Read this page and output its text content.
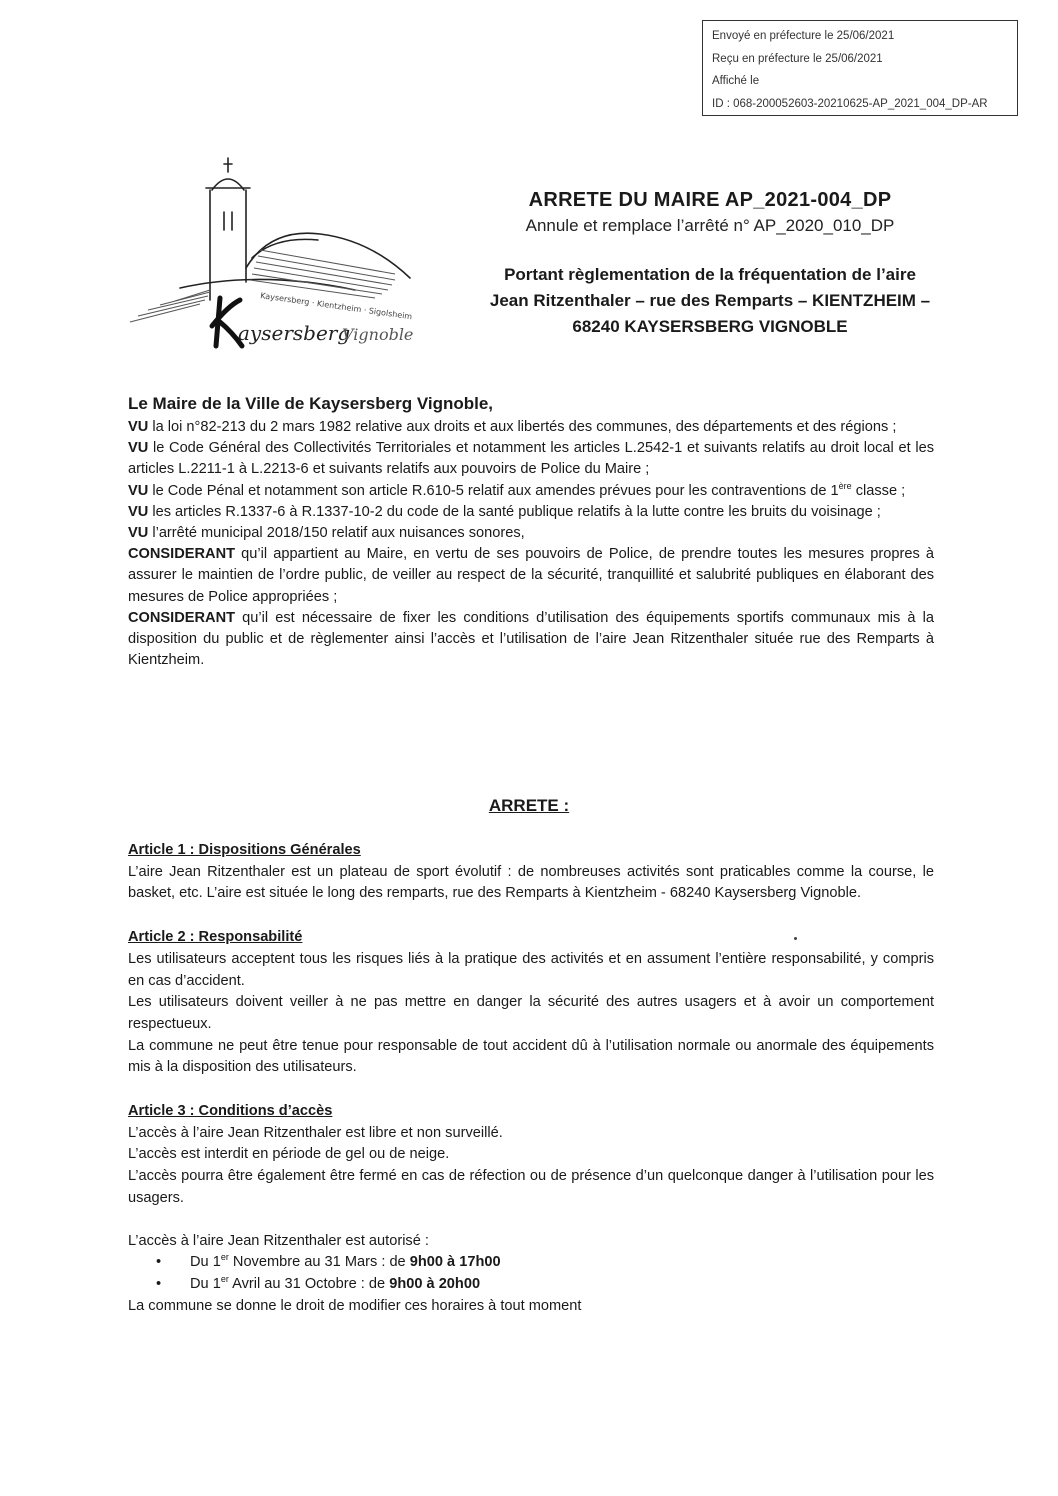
Envoyé en préfecture le 25/06/2021
Reçu en préfecture le 25/06/2021
Affiché le
ID : 068-200052603-20210625-AP_2021_004_DP-AR
Kaysersberg · Kientzheim · Sigolsheim
aysersberg
Vignoble
ARRETE DU MAIRE AP_2021-004_DP
Annule et remplace l’arrêté n° AP_2020_010_DP
Portant règlementation de la fréquentation de l’aire
Jean Ritzenthaler – rue des Remparts – KIENTZHEIM –
68240 KAYSERSBERG VIGNOBLE

Le Maire de la Ville de Kaysersberg Vignoble,

VU la loi n°82-213 du 2 mars 1982 relative aux droits et aux libertés des communes, des départements et des régions ;

VU le Code Général des Collectivités Territoriales et notamment les articles L.2542-1 et suivants relatifs au droit local et les articles L.2211-1 à L.2213-6 et suivants relatifs aux pouvoirs de Police du Maire ;

VU le Code Pénal et notamment son article R.610-5 relatif aux amendes prévues pour les contraventions de 1ère classe ;

VU les articles R.1337-6 à R.1337-10-2 du code de la santé publique relatifs à la lutte contre les bruits du voisinage ;

VU l’arrêté municipal 2018/150 relatif aux nuisances sonores,

CONSIDERANT qu’il appartient au Maire, en vertu de ses pouvoirs de Police, de prendre toutes les mesures propres à assurer le maintien de l’ordre public, de veiller au respect de la sécurité, tranquillité et salubrité publiques en élaborant des mesures de Police appropriées ;

CONSIDERANT qu’il est nécessaire de fixer les conditions d’utilisation des équipements sportifs communaux mis à la disposition du public et de règlementer ainsi l’accès et l’utilisation de l’aire Jean Ritzenthaler située rue des Remparts à Kientzheim.

ARRETE :

Article 1 : Dispositions Générales

L’aire Jean Ritzenthaler est un plateau de sport évolutif : de nombreuses activités sont praticables comme la course, le basket, etc. L’aire est située le long des remparts, rue des Remparts à Kientzheim - 68240 Kaysersberg Vignoble.

Article 2 : Responsabilité

Les utilisateurs acceptent tous les risques liés à la pratique des activités et en assument l’entière responsabilité, y compris en cas d’accident.

Les utilisateurs doivent veiller à ne pas mettre en danger la sécurité des autres usagers et à avoir un comportement respectueux.

La commune ne peut être tenue pour responsable de tout accident dû à l’utilisation normale ou anormale des équipements mis à la disposition des utilisateurs.

Article 3 : Conditions d’accès

L’accès à l’aire Jean Ritzenthaler est libre et non surveillé.

L’accès est interdit en période de gel ou de neige.

L’accès pourra être également être fermé en cas de réfection ou de présence d’un quelconque danger à l’utilisation pour les usagers.

L’accès à l’aire Jean Ritzenthaler est autorisé :

• Du 1er Novembre au 31 Mars : de 9h00 à 17h00
• Du 1er Avril au 31 Octobre : de 9h00 à 20h00

La commune se donne le droit de modifier ces horaires à tout moment
